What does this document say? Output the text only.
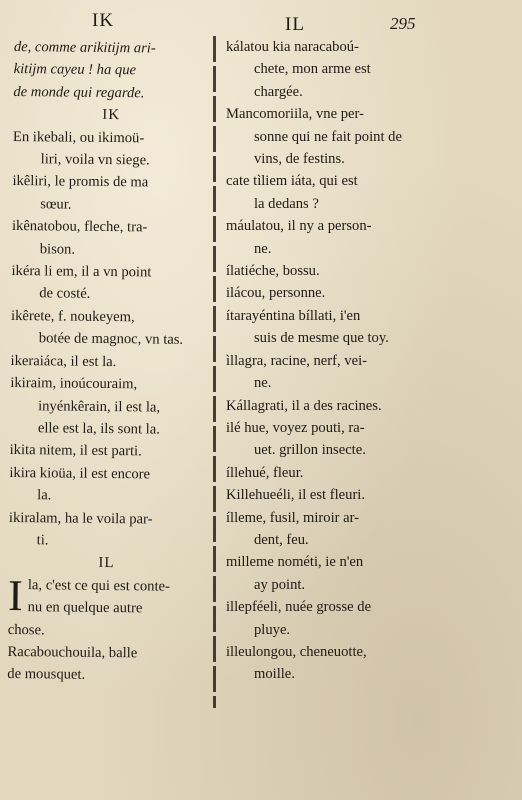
IK	IL	295
de, comme arikitijm ari-
kitijm cayeu ! ha que
de monde qui regarde.
IK
En ikebali, ou ikimoü-
liri, voila vn siege.
ikêliri, le promis de ma
sœur.
ikênatobou, fleche, tra-
bison.
ikéra li em, il a vn point
de costé.
ikêrete, f. noukeyem,
botée de magnoc, vn tas.
ikeraiáca, il est la.
ikiraim, inoúcouraim,
inyénkêrain, il est la,
elle est la, ils sont la.
ikita nitem, il est parti.
ikira kioüa, il est encore
la.
ikiralam, ha le voila par-
ti.
IL
I la, c'est ce qui est conte-
nu en quelque autre
chose.
Racabouchouila, balle
de mousquet.
kálatou kia naracaboú-
chete, mon arme est
chargée.
Mancomoriila, vne per-
sonne qui ne fait point de
vins, de festins.
cate tìliem iáta, qui est
la dedans ?
máulatou, il ny a person-
ne.
ílatiéche, bossu.
ilácou, personne.
ítarayéntina bíllati, i'en
suis de mesme que toy.
ìllagra, racine, nerf, vei-
ne.
Kállagrati, il a des racines.
ilé hue, voyez pouti, ra-
uet. grillon insecte.
íllehué, fleur.
Killehueéli, il est fleuri.
ílleme, fusil, miroir ar-
dent, feu.
milleme nométi, ie n'en
ay point.
illepféeli, nuée grosse de
pluye.
illeulongou, cheneuotte,
moille.
